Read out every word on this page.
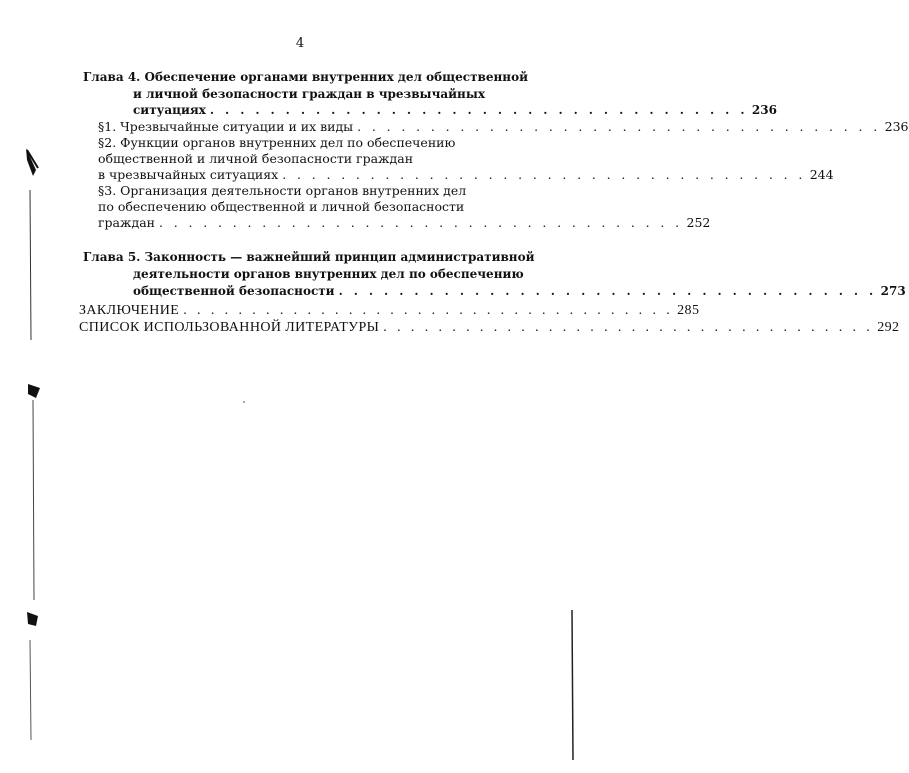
4
Глава 4. Обеспечение органами внутренних дел общественной
и личной безопасности граждан в чрезвычайных
ситуациях . . . . . . . . . . . . . . . . . . . . . . . . . . . . . . . . . . . . 236
§1. Чрезвычайные ситуации и их виды . . . . . . . . . . . . . . . . . . . . . . . . . . . . . . . . . . . . 236
§2. Функции органов внутренних дел по обеспечению
общественной и личной безопасности граждан
в чрезвычайных ситуациях . . . . . . . . . . . . . . . . . . . . . . . . . . . . . . . . . . . . 244
§3. Организация деятельности органов внутренних дел
по обеспечению общественной и личной безопасности
граждан . . . . . . . . . . . . . . . . . . . . . . . . . . . . . . . . . . . . 252
Глава 5. Законность — важнейший принцип административной
деятельности органов внутренних дел по обеспечению
общественной безопасности . . . . . . . . . . . . . . . . . . . . . . . . . . . . . . . . . . . . 273
ЗАКЛЮЧЕНИЕ . . . . . . . . . . . . . . . . . . . . . . . . . . . . . . . . . . . . 285
СПИСОК ИСПОЛЬЗОВАННОЙ ЛИТЕРАТУРЫ . . . . . . . . . . . . . . . . . . . . . . . . . . . . . . . . . . . . 292
